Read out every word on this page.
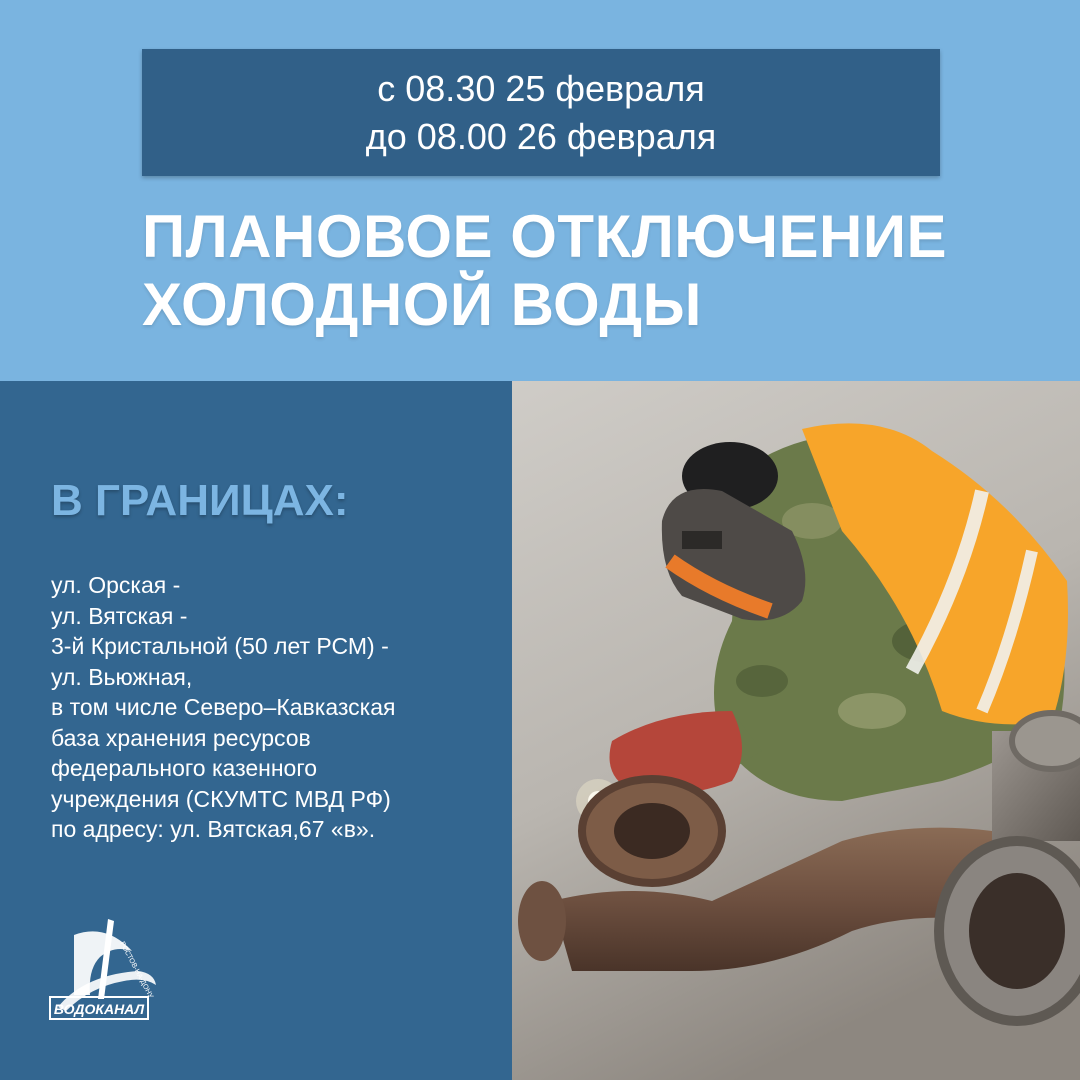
с 08.30 25 февраля
до 08.00 26 февраля
ПЛАНОВОЕ ОТКЛЮЧЕНИЕ
ХОЛОДНОЙ ВОДЫ
В ГРАНИЦАХ:
ул. Орская -
ул. Вятская -
3-й Кристальной (50 лет РСМ) -
ул. Вьюжная,
в том числе Северо–Кавказская
база хранения ресурсов
федерального казенного
учреждения (СКУМТС МВД РФ)
по адресу: ул. Вятская,67 «в».
РОСТОВ-НА-ДОНУ
ВОДОКАНАЛ
